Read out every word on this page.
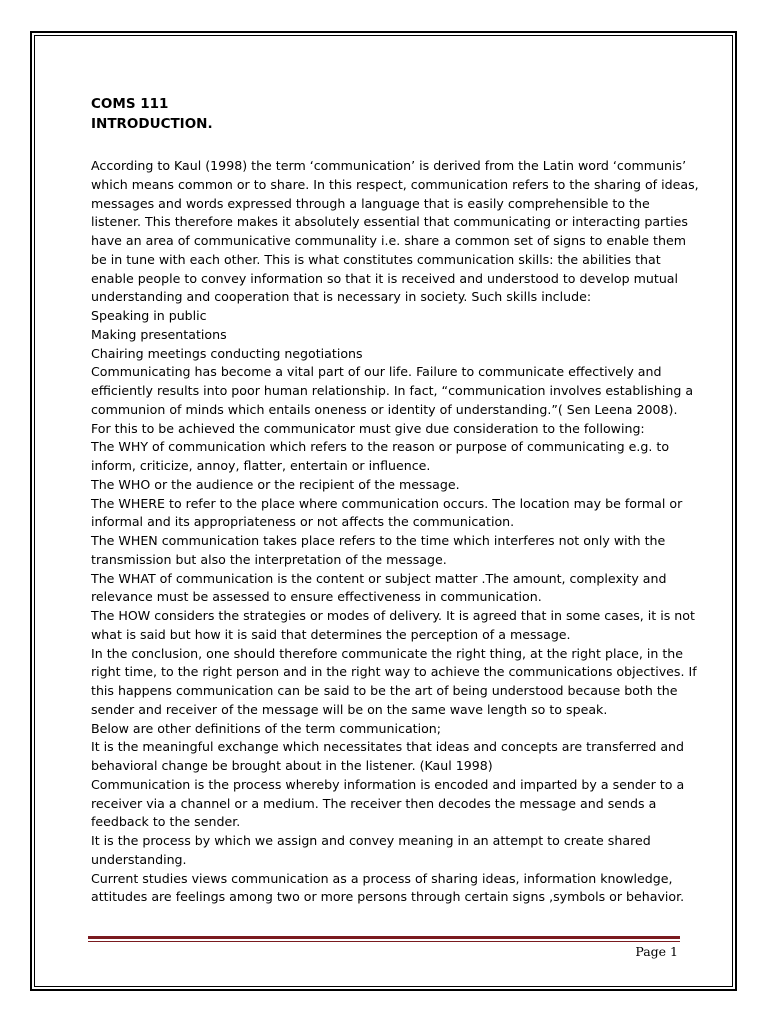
COMS 111
INTRODUCTION.
According to Kaul (1998) the term ‘communication’ is derived from the Latin word ‘communis’
which means common or to share. In this respect, communication refers to the sharing of ideas,
messages and words expressed through a language that is easily comprehensible to the
listener. This therefore makes it absolutely essential that communicating or interacting parties
have an area of communicative communality i.e. share a common set of signs to enable them
be in tune with each other. This is what constitutes communication skills: the abilities that
enable people to convey information so that it is received and understood to develop mutual
understanding and cooperation that is necessary in society. Such skills include:
Speaking in public
Making presentations
Chairing meetings conducting negotiations
Communicating has become a vital part of our life. Failure to communicate effectively and
efficiently results into poor human relationship. In fact, “communication involves establishing a
communion of minds which entails oneness or identity of understanding.”( Sen Leena 2008).
For this to be achieved the communicator must give due consideration to the following:
The WHY of communication which refers to the reason or purpose of communicating e.g. to
inform, criticize, annoy, flatter, entertain or influence.
The WHO or the audience or the recipient of the message.
The WHERE to refer to the place where communication occurs. The location may be formal or
informal and its appropriateness or not affects the communication.
The WHEN communication takes place refers to the time which interferes not only with the
transmission but also the interpretation of the message.
The WHAT of communication is the content or subject matter .The amount, complexity and
relevance must be assessed to ensure effectiveness in communication.
The HOW considers the strategies or modes of delivery. It is agreed that in some cases, it is not
what is said but how it is said that determines the perception of a message.
In the conclusion, one should therefore communicate the right thing, at the right place, in the
right time, to the right person and in the right way to achieve the communications objectives. If
this happens communication can be said to be the art of being understood because both the
sender and receiver of the message will be on the same wave length so to speak.
Below are other definitions of the term communication;
It is the meaningful exchange which necessitates that ideas and concepts are transferred and
behavioral change be brought about in the listener. (Kaul 1998)
Communication is the process whereby information is encoded and imparted by a sender to a
receiver via a channel or a medium. The receiver then decodes the message and sends a
feedback to the sender.
It is the process by which we assign and convey meaning in an attempt to create shared
understanding.
Current studies views communication as a process of sharing ideas, information knowledge,
attitudes are feelings among two or more persons through certain signs ,symbols or behavior.
Page 1
